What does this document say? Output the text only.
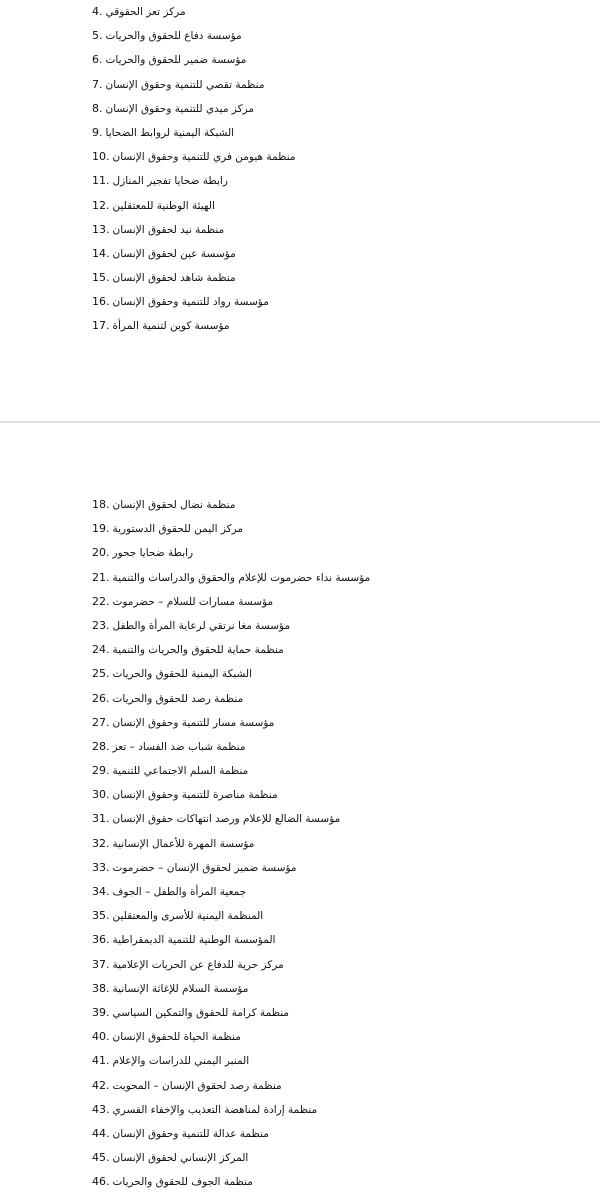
4. مركز تعز الحقوقي
5. مؤسسة دفاع للحقوق والحريات
6. مؤسسة ضمير للحقوق والحريات
7. منظمة تقصي للتنمية وحقوق الإنسان
8. مركز ميدي للتنمية وحقوق الإنسان
9. الشبكة اليمنية لروابط الضحايا
10. منظمة هيومن فري للتنمية وحقوق الإنسان
11. رابطة ضحايا تفجير المنازل
12. الهيئة الوطنية للمعتقلين
13. منظمة نيد لحقوق الإنسان
14. مؤسسة عين لحقوق الإنسان
15. منظمة شاهد لحقوق الإنسان
16. مؤسسة رواد للتنمية وحقوق الإنسان
17. مؤسسة كوين لتنمية المرأة
18. منظمة نضال لحقوق الإنسان
19. مركز اليمن للحقوق الدستورية
20. رابطة ضحايا جحور
21. مؤسسة نداء حضرموت للإعلام والحقوق والدراسات والتنمية
22. مؤسسة مسارات للسلام – حضرموت
23. مؤسسة مغا نرتقي لرعاية المرأة والطفل
24. منظمة حماية للحقوق والحريات والتنمية
25. الشبكة اليمنية للحقوق والحريات
26. منظمة رصد للحقوق والحريات
27. مؤسسة مسار للتنمية وحقوق الإنسان
28. منظمة شباب ضد الفساد – تعز
29. منظمة السلم الاجتماعي للتنمية
30. منظمة مناصرة للتنمية وحقوق الإنسان
31. مؤسسة الضالع للإعلام ورصد انتهاكات حقوق الإنسان
32. مؤسسة المهرة للأعمال الإنسانية
33. مؤسسة ضمير لحقوق الإنسان – حضرموت
34. جمعية المرأة والطفل – الجوف
35. المنظمة اليمنية للأسرى والمعتقلين
36. المؤسسة الوطنية للتنمية الديمقراطية
37. مركز حرية للدفاع عن الحريات الإعلامية
38. مؤسسة السلام للإغاثة الإنسانية
39. منظمة كرامة للحقوق والتمكين السياسي
40. منظمة الحياة للحقوق الإنسان
41. المنبر اليمني للدراسات والإعلام
42. منظمة رصد لحقوق الإنسان – المحويت
43. منظمة إرادة لمناهضة التعذيب والإخفاء القسري
44. منظمة عدالة للتنمية وحقوق الإنسان
45. المركز الإنساني لحقوق الإنسان
46. منظمة الجوف للحقوق والحريات
